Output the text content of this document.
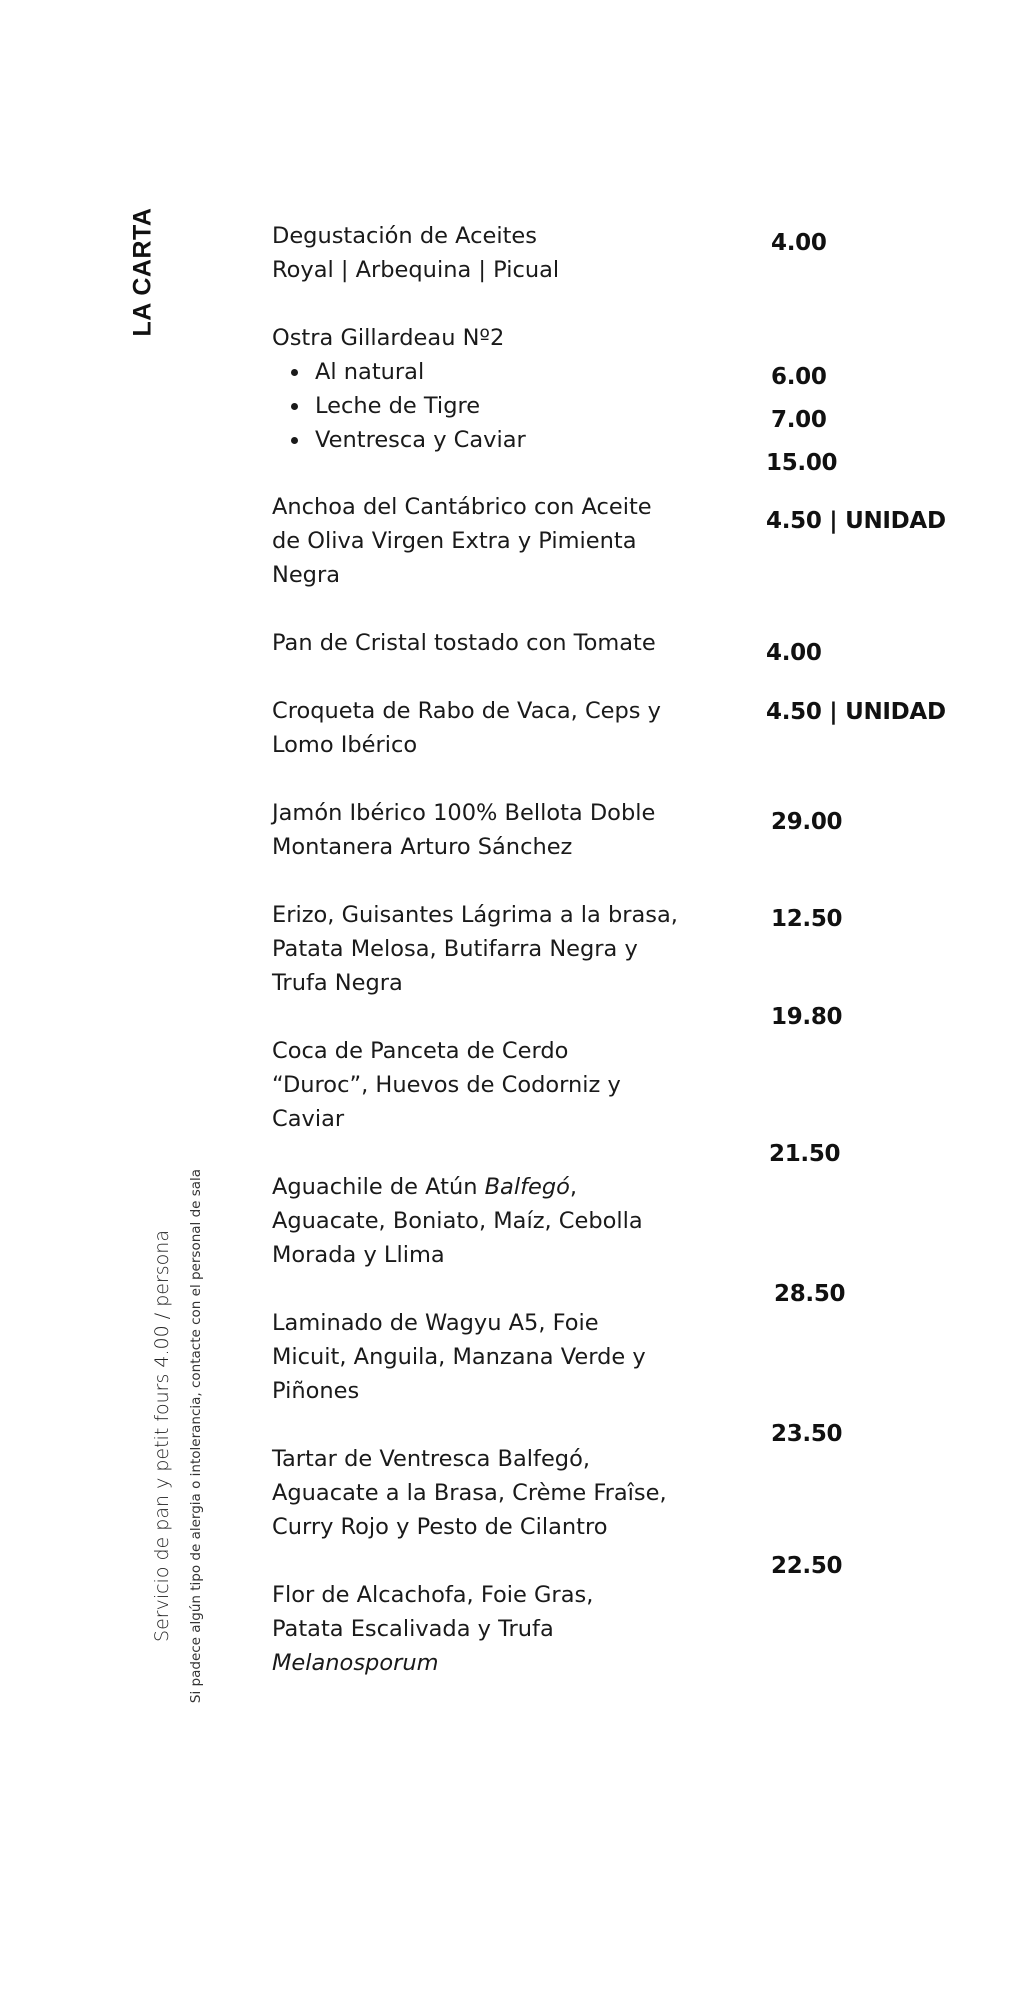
LA CARTA
Servicio de pan y petit fours 4.00 / persona Si padece algún tipo de alergia o intolerancia, contacte con el personal de sala
Degustación de Aceites
Royal | Arbequina | Picual
Ostra Gillardeau Nº2
Al natural
Leche de Tigre
Ventresca y Caviar
Anchoa del Cantábrico con Aceite
de Oliva Virgen Extra y Pimienta
Negra
Pan de Cristal tostado con Tomate
Croqueta de Rabo de Vaca, Ceps y
Lomo Ibérico
Jamón Ibérico 100% Bellota Doble
Montanera Arturo Sánchez
Erizo, Guisantes Lágrima a la brasa,
Patata Melosa, Butifarra Negra y
Trufa Negra
Coca de Panceta de Cerdo
“Duroc”, Huevos de Codorniz y
Caviar
Aguachile de Atún Balfegó,
Aguacate, Boniato, Maíz, Cebolla
Morada y Llima
Laminado de Wagyu A5, Foie
Micuit, Anguila, Manzana Verde y
Piñones
Tartar de Ventresca Balfegó,
Aguacate a la Brasa, Crème Fraîse,
Curry Rojo y Pesto de Cilantro
Flor de Alcachofa, Foie Gras,
Patata Escalivada y Trufa
Melanosporum
4.00
6.00
7.00
15.00
4.50 | UNIDAD
4.00
4.50 | UNIDAD
29.00
12.50
19.80
21.50
28.50
23.50
22.50
